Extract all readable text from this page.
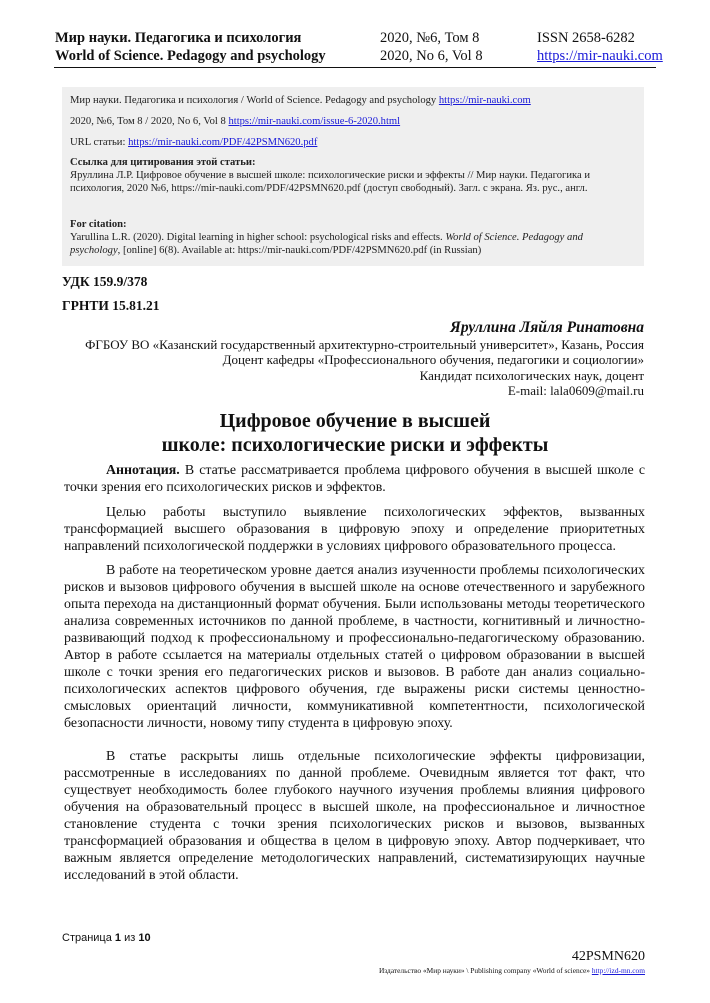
Мир науки. Педагогика и психология
World of Science. Pedagogy and psychology
2020, №6, Том 8
2020, No 6, Vol 8
ISSN 2658-6282
https://mir-nauki.com
Мир науки. Педагогика и психология / World of Science. Pedagogy and psychology https://mir-nauki.com
2020, №6, Том 8 / 2020, No 6, Vol 8 https://mir-nauki.com/issue-6-2020.html
URL статьи: https://mir-nauki.com/PDF/42PSMN620.pdf
Ссылка для цитирования этой статьи:
Яруллина Л.Р. Цифровое обучение в высшей школе: психологические риски и эффекты // Мир науки. Педагогика и психология, 2020 №6, https://mir-nauki.com/PDF/42PSMN620.pdf (доступ свободный). Загл. с экрана. Яз. рус., англ.
For citation:
Yarullina L.R. (2020). Digital learning in higher school: psychological risks and effects. World of Science. Pedagogy and psychology, [online] 6(8). Available at: https://mir-nauki.com/PDF/42PSMN620.pdf (in Russian)
УДК 159.9/378
ГРНТИ 15.81.21
Яруллина Ляйля Ринатовна
ФГБОУ ВО «Казанский государственный архитектурно-строительный университет», Казань, Россия
Доцент кафедры «Профессионального обучения, педагогики и социологии»
Кандидат психологических наук, доцент
E-mail: lala0609@mail.ru
Цифровое обучение в высшей
школе: психологические риски и эффекты

Аннотация. В статье рассматривается проблема цифрового обучения в высшей школе с точки зрения его психологических рисков и эффектов.

Целью работы выступило выявление психологических эффектов, вызванных трансформацией высшего образования в цифровую эпоху и определение приоритетных направлений психологической поддержки в условиях цифрового образовательного процесса.

В работе на теоретическом уровне дается анализ изученности проблемы психологических рисков и вызовов цифрового обучения в высшей школе на основе отечественного и зарубежного опыта перехода на дистанционный формат обучения. Были использованы методы теоретического анализа современных источников по данной проблеме, в частности, когнитивный и личностно-развивающий подход к профессиональному и профессионально-педагогическому образованию. Автор в работе ссылается на материалы отдельных статей о цифровом образовании в высшей школе с точки зрения его педагогических рисков и вызовов. В работе дан анализ социально-психологических аспектов цифрового обучения, где выражены риски системы ценностно-смысловых ориентаций личности, коммуникативной компетентности, психологической безопасности личности, новому типу студента в цифровую эпоху.

В статье раскрыты лишь отдельные психологические эффекты цифровизации, рассмотренные в исследованиях по данной проблеме. Очевидным является тот факт, что существует необходимость более глубокого научного изучения проблемы влияния цифрового обучения на образовательный процесс в высшей школе, на профессиональное и личностное становление студента с точки зрения психологических рисков и вызовов, вызванных трансформацией образования и общества в целом в цифровую эпоху. Автор подчеркивает, что важным является определение методологических направлений, систематизирующих научные исследований в этой области.

Страница 1 из 10
42PSMN620
Издательство «Мир науки» \ Publishing company «World of science» http://izd-mn.com
